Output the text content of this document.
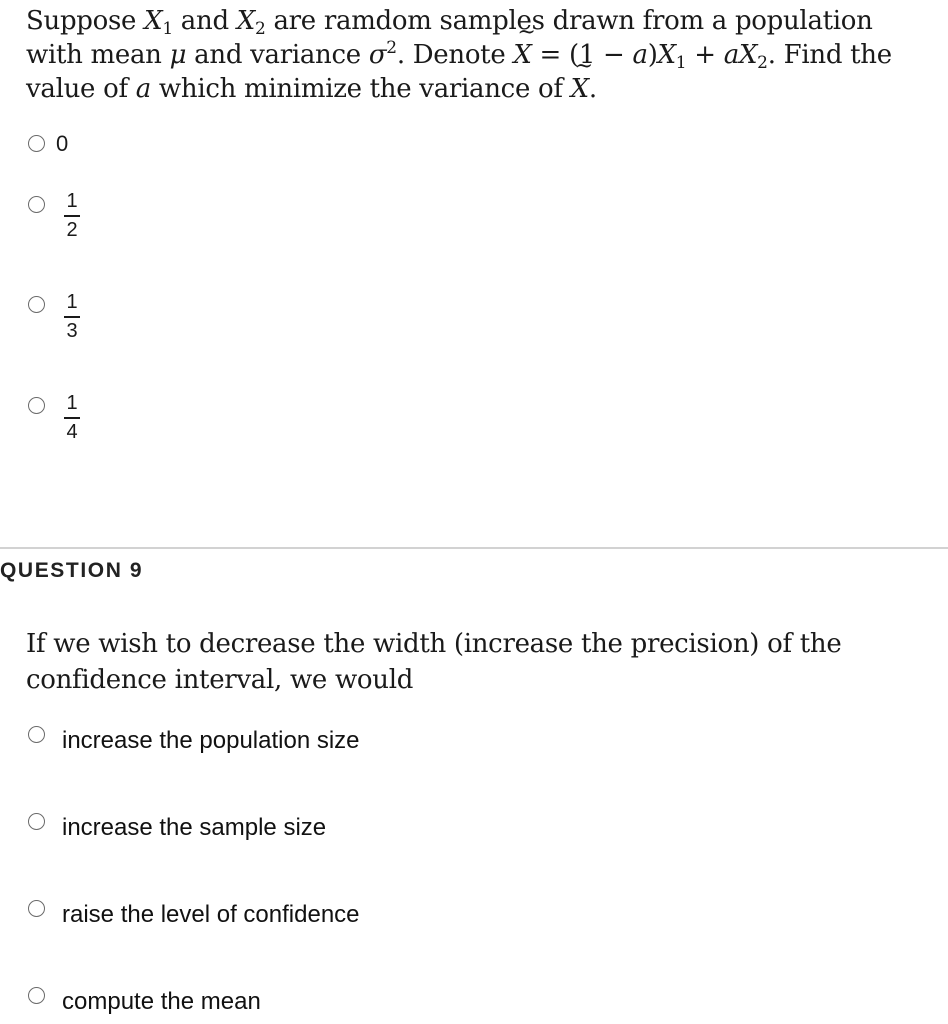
Suppose $X_1$ and $X_2$ are ramdom samples drawn from a population with mean μ and variance $\sigma^2$. Denote ~ $X = (1 - a)X_1 + aX_2$. Find the value of a which minimize the variance of ~ X.
0
1
2
1
3
1
4
QUESTION 9
If we wish to decrease the width (increase the precision) of the confidence interval, we would
increase the population size
increase the sample size
raise the level of confidence
compute the mean
